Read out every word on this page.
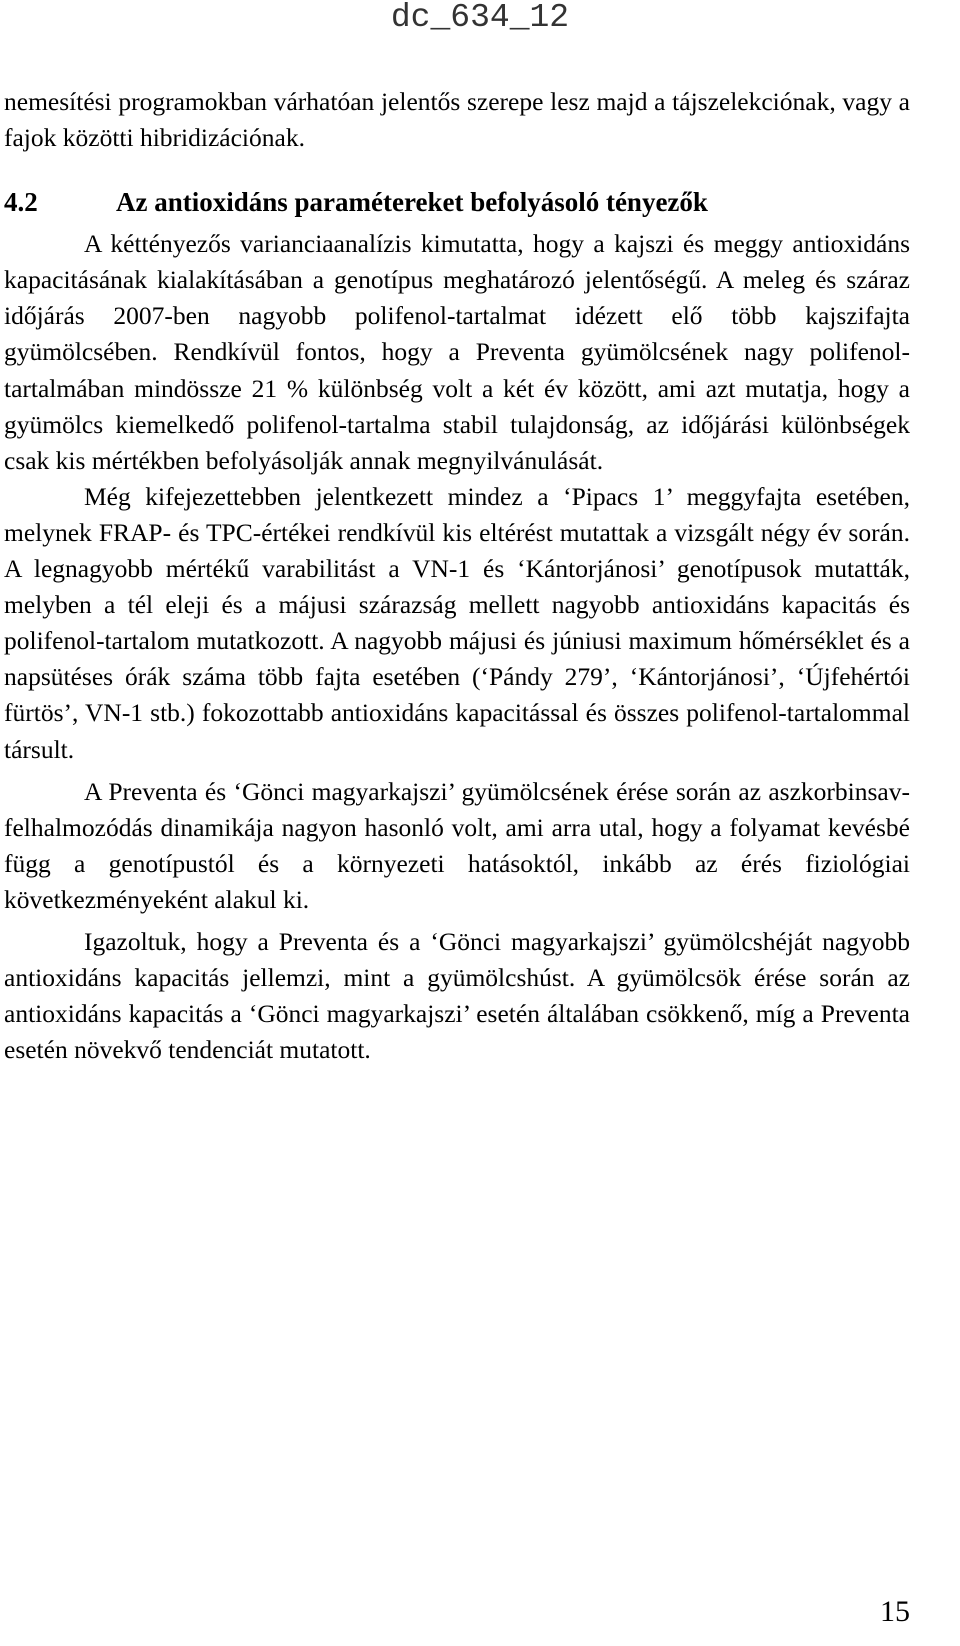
dc_634_12

nemesítési programokban várhatóan jelentős szerepe lesz majd a tájszelekciónak, vagy a fajok közötti hibridizációnak.

4.2	Az antioxidáns paramétereket befolyásoló tényezők

A kéttényezős varianciaanalízis kimutatta, hogy a kajszi és meggy antioxidáns kapacitásának kialakításában a genotípus meghatározó jelentőségű. A meleg és száraz időjárás 2007-ben nagyobb polifenol-tartalmat idézett elő több kajszifajta gyümölcsében. Rendkívül fontos, hogy a Preventa gyümölcsének nagy polifenol-tartalmában mindössze 21 % különbség volt a két év között, ami azt mutatja, hogy a gyümölcs kiemelkedő polifenol-tartalma stabil tulajdonság, az időjárási különbségek csak kis mértékben befolyásolják annak megnyilvánulását.

Még kifejezettebben jelentkezett mindez a ‘Pipacs 1’ meggyfajta esetében, melynek FRAP- és TPC-értékei rendkívül kis eltérést mutattak a vizsgált négy év során. A legnagyobb mértékű varabilitást a VN-1 és ‘Kántorjánosi’ genotípusok mutatták, melyben a tél eleji és a májusi szárazság mellett nagyobb antioxidáns kapacitás és polifenol-tartalom mutatkozott. A nagyobb májusi és júniusi maximum hőmérséklet és a napsütéses órák száma több fajta esetében (‘Pándy 279’, ‘Kántorjánosi’, ‘Újfehértói fürtös’, VN-1 stb.) fokozottabb antioxidáns kapacitással és összes polifenol-tartalommal társult.

A Preventa és ‘Gönci magyarkajszi’ gyümölcsének érése során az aszkorbinsav-felhalmozódás dinamikája nagyon hasonló volt, ami arra utal, hogy a folyamat kevésbé függ a genotípustól és a környezeti hatásoktól, inkább az érés fiziológiai következményeként alakul ki.

Igazoltuk, hogy a Preventa és a ‘Gönci magyarkajszi’ gyümölcshéját nagyobb antioxidáns kapacitás jellemzi, mint a gyümölcshúst. A gyümölcsök érése során az antioxidáns kapacitás a ‘Gönci magyarkajszi’ esetén általában csökkenő, míg a Preventa esetén növekvő tendenciát mutatott.

15
